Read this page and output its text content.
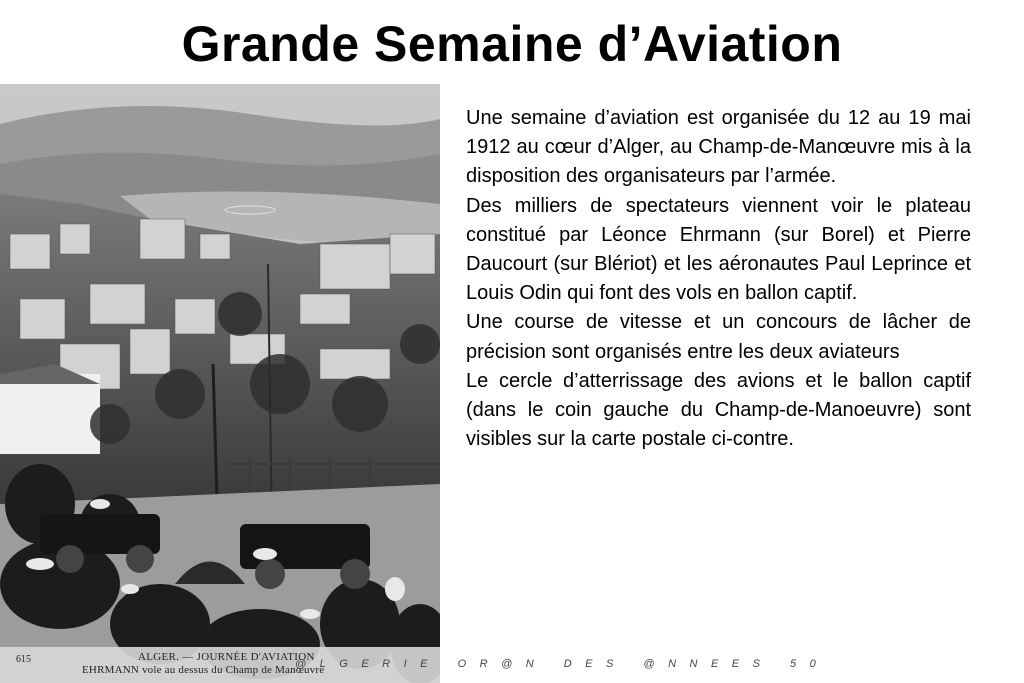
Grande Semaine d’Aviation
615	ALGER. — JOURNÉE D'AVIATION
EHRMANN vole au dessus du Champ de Manœuvre

Une semaine d’aviation est organisée du 12 au 19 mai 1912 au cœur d’Alger, au Champ-de-Manœuvre mis à la disposition des organisateurs par l’armée.

Des milliers de spectateurs viennent voir le plateau constitué par Léonce Ehrmann (sur Borel) et Pierre Daucourt (sur Blériot) et les aéronautes Paul Leprince et Louis Odin qui font des vols en ballon captif.

Une course de vitesse et un concours de lâcher de précision sont organisés entre les deux aviateurs

Le cercle d’atterrissage des avions et le ballon captif (dans le coin gauche du Champ-de-Manoeuvre) sont visibles sur la carte postale ci-contre.

@LGERIE OR@N DES @NNEES 50
